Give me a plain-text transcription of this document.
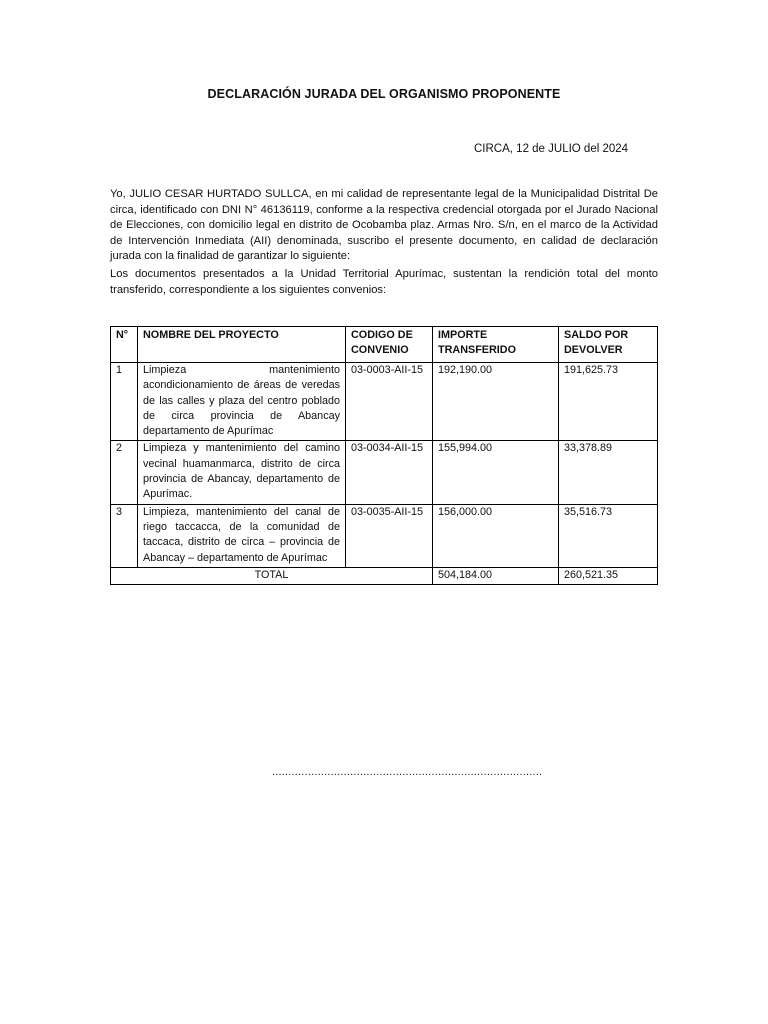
DECLARACIÓN JURADA DEL ORGANISMO PROPONENTE
CIRCA, 12 de JULIO del 2024

Yo, JULIO CESAR HURTADO SULLCA, en mi calidad de representante legal de la Municipalidad Distrital De circa, identificado con DNI N° 46136119, conforme a la respectiva credencial otorgada por el Jurado Nacional de Elecciones, con domicilio legal en distrito de Ocobamba plaz. Armas Nro. S/n, en el marco de la Actividad de Intervención Inmediata (AII) denominada, suscribo el presente documento, en calidad de declaración jurada con la finalidad de garantizar lo siguiente:

Los documentos presentados a la Unidad Territorial Apurímac, sustentan la rendición total del monto transferido, correspondiente a los siguientes convenios:

N°	NOMBRE DEL PROYECTO	CODIGO DE CONVENIO	IMPORTE TRANSFERIDO	SALDO POR DEVOLVER
1	Limpieza mantenimiento acondicionamiento de áreas de veredas de las calles y plaza del centro poblado de circa provincia de Abancay departamento de Apurímac	03-0003-AII-15	192,190.00	191,625.73
2	Limpieza y mantenimiento del camino vecinal huamanmarca, distrito de circa provincia de Abancay, departamento de Apurímac.	03-0034-AII-15	155,994.00	33,378.89
3	Limpieza, mantenimiento del canal de riego taccacca, de la comunidad de taccaca, distrito de circa – provincia de Abancay – departamento de Apurímac	03-0035-AII-15	156,000.00	35,516.73
TOTAL			504,184.00	260,521.35
...................................................................................
